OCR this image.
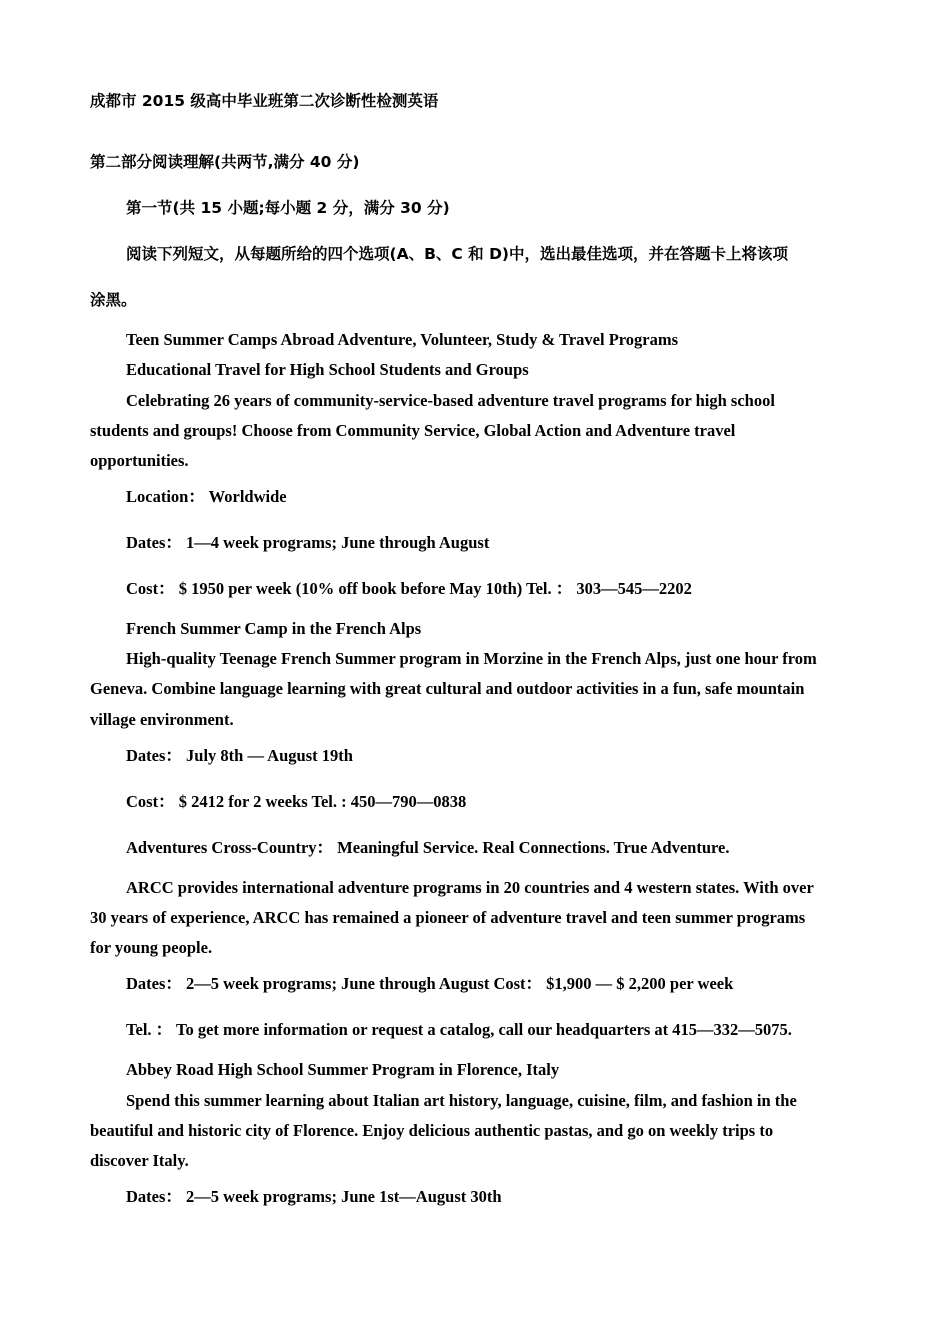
成都市 2015 级高中毕业班第二次诊断性检测英语
第二部分阅读理解(共两节,满分 40 分)
第一节(共 15 小题;每小题 2 分，满分 30 分)
阅读下列短文，从每题所给的四个选项(A、B、C 和 D)中，选出最佳选项，并在答题卡上将该项
涂黑。
Teen Summer Camps Abroad Adventure, Volunteer, Study & Travel Programs
Educational Travel for High School Students and Groups
Celebrating 26 years of community-service-based adventure travel programs for high school
students and groups! Choose from Community Service, Global Action and Adventure travel
opportunities.
Location： Worldwide
Dates： 1—4 week programs; June through August
Cost： $ 1950 per week (10% off book before May 10th) Tel. ： 303—545—2202
French Summer Camp in the French Alps
High-quality Teenage French Summer program in Morzine in the French Alps, just one hour from
Geneva. Combine language learning with great cultural and outdoor activities in a fun, safe mountain
village environment.
Dates： July 8th — August 19th
Cost： $ 2412 for 2 weeks Tel. : 450—790—0838
Adventures Cross-Country： Meaningful Service. Real Connections. True Adventure.
ARCC provides international adventure programs in 20 countries and 4 western states. With over
30 years of experience, ARCC has remained a pioneer of adventure travel and teen summer programs
for young people.
Dates： 2—5 week programs; June through August Cost： $1,900 — $ 2,200 per week
Tel. ： To get more information or request a catalog, call our headquarters at 415—332—5075.
Abbey Road High School Summer Program in Florence, Italy
Spend this summer learning about Italian art history, language, cuisine, film, and fashion in the
beautiful and historic city of Florence. Enjoy delicious authentic pastas, and go on weekly trips to
discover Italy.
Dates： 2—5 week programs; June 1st—August 30th
